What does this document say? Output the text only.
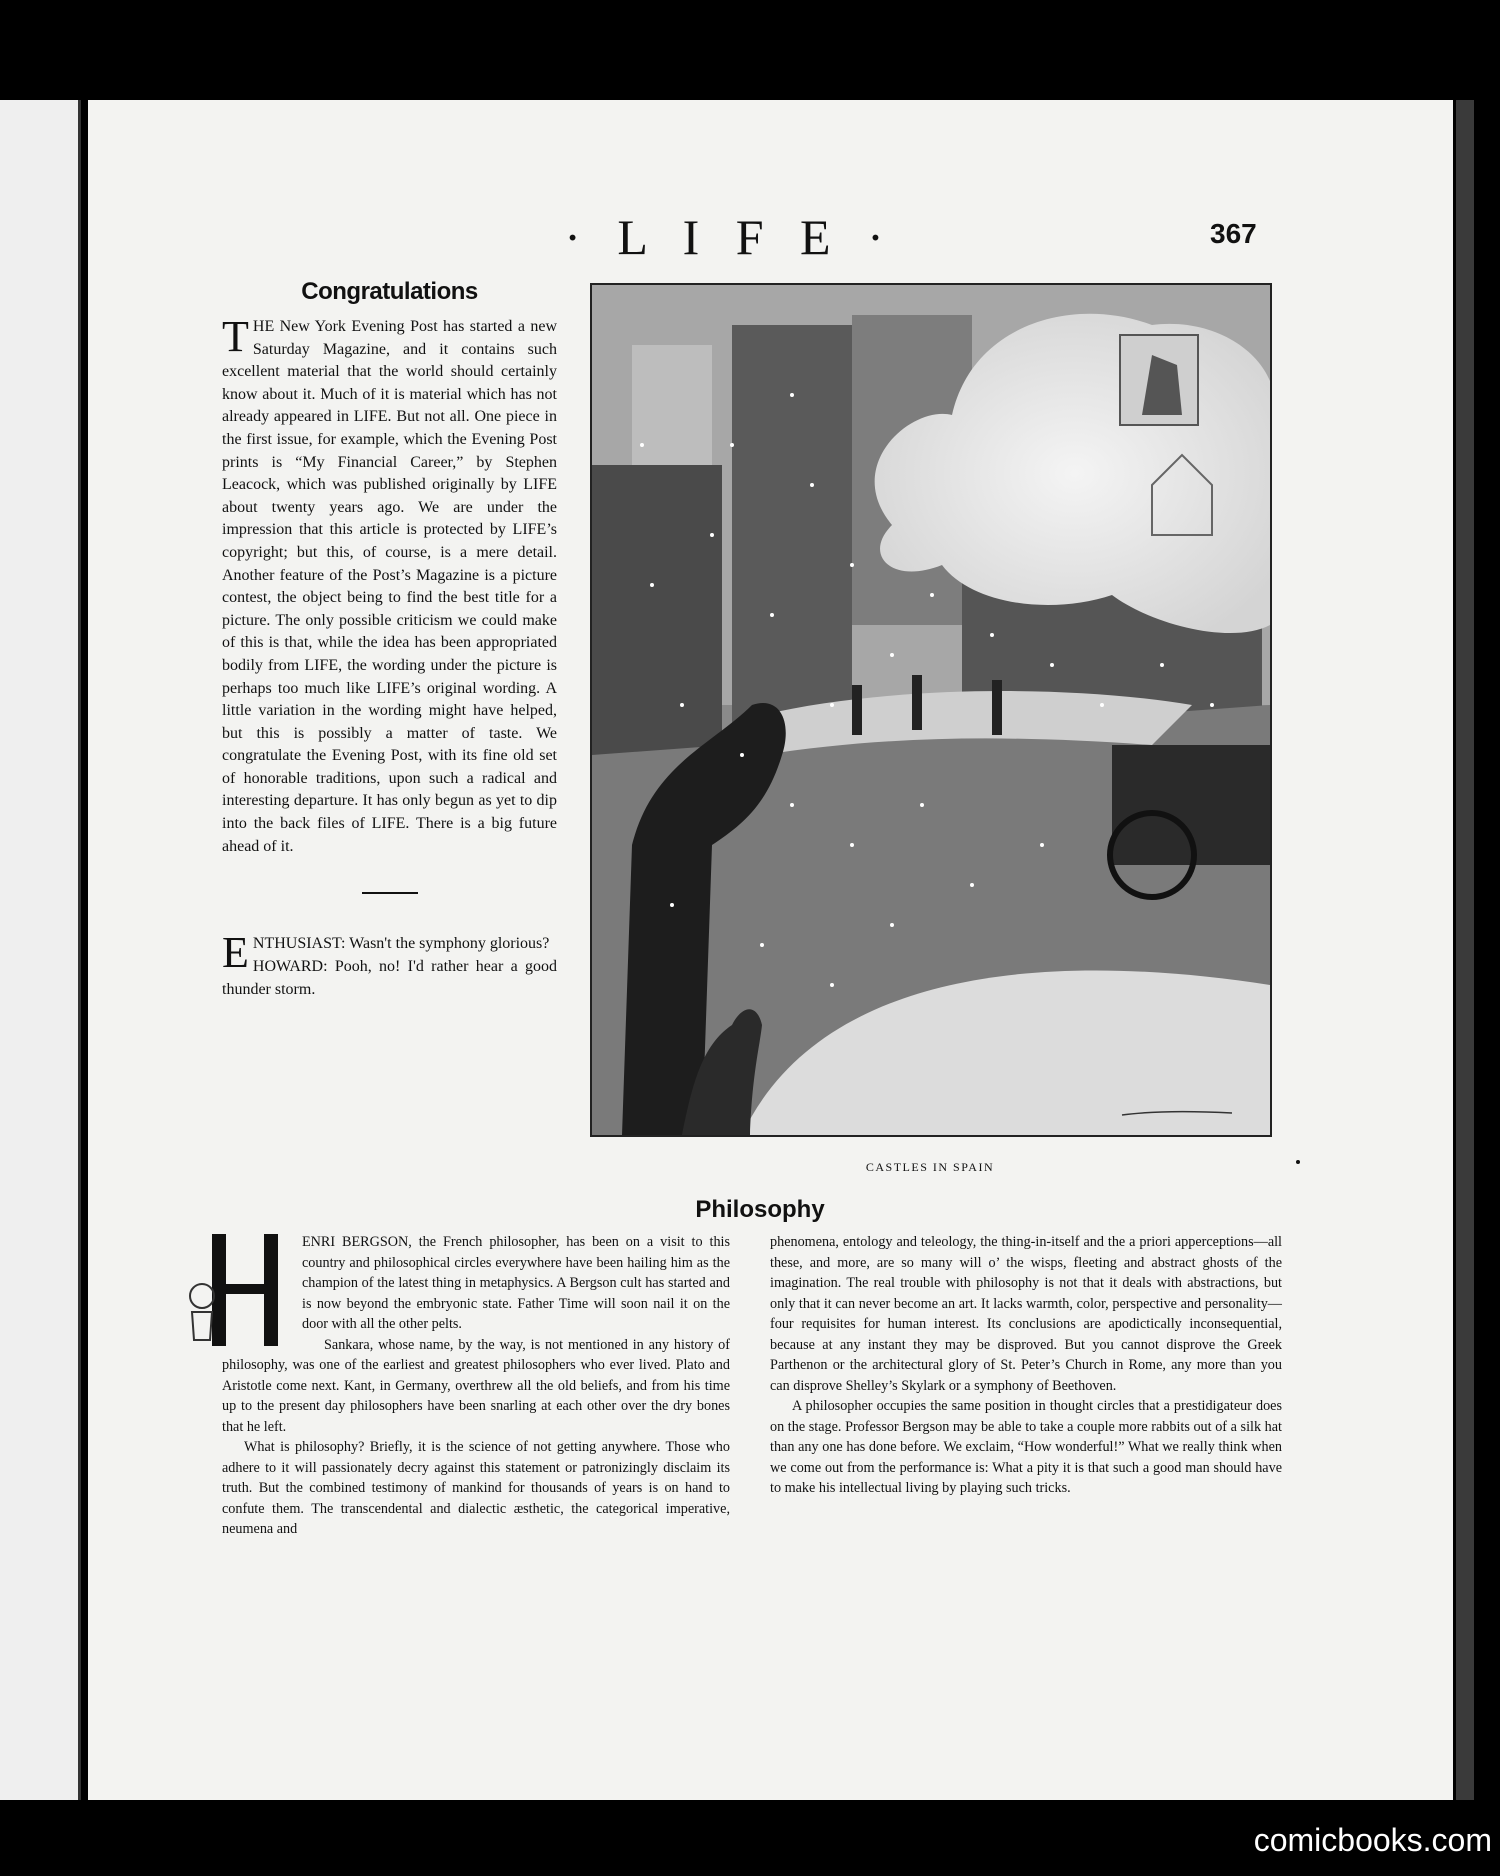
· L I F E ·	367
Congratulations

THE New York Evening Post has started a new Saturday Magazine, and it contains such excellent material that the world should certainly know about it. Much of it is material which has not already appeared in LIFE. But not all. One piece in the first issue, for example, which the Evening Post prints is “My Financial Career,” by Stephen Leacock, which was published originally by LIFE about twenty years ago. We are under the impression that this article is protected by LIFE’s copyright; but this, of course, is a mere detail. Another feature of the Post’s Magazine is a picture contest, the object being to find the best title for a picture. The only possible criticism we could make of this is that, while the idea has been appropriated bodily from LIFE, the wording under the picture is perhaps too much like LIFE’s original wording. A little variation in the wording might have helped, but this is possibly a matter of taste. We congratulate the Evening Post, with its fine old set of honorable traditions, upon such a radical and interesting departure. It has only begun as yet to dip into the back files of LIFE. There is a big future ahead of it.

ENTHUSIAST: Wasn't the symphony glorious?
HOWARD: Pooh, no! I'd rather hear a good thunder storm.

CASTLES IN SPAIN
Philosophy

ENRI BERGSON, the French philosopher, has been on a visit to this country and philosophical circles everywhere have been hailing him as the champion of the latest thing in metaphysics. A Bergson cult has started and is now beyond the embryonic state. Father Time will soon nail it on the door with all the other pelts.

Sankara, whose name, by the way, is not mentioned in any history of philosophy, was one of the earliest and greatest philosophers who ever lived. Plato and Aristotle come next. Kant, in Germany, overthrew all the old beliefs, and from his time up to the present day philosophers have been snarling at each other over the dry bones that he left.

What is philosophy? Briefly, it is the science of not getting anywhere. Those who adhere to it will passionately decry against this statement or patronizingly disclaim its truth. But the combined testimony of mankind for thousands of years is on hand to confute them. The transcendental and dialectic æsthetic, the categorical imperative, neumena and

phenomena, entology and teleology, the thing-in-itself and the a priori apperceptions—all these, and more, are so many will o’ the wisps, fleeting and abstract ghosts of the imagination. The real trouble with philosophy is not that it deals with abstractions, but only that it can never become an art. It lacks warmth, color, perspective and personality—four requisites for human interest. Its conclusions are apodictically inconsequential, because at any instant they may be disproved. But you cannot disprove the Greek Parthenon or the architectural glory of St. Peter’s Church in Rome, any more than you can disprove Shelley’s Skylark or a symphony of Beethoven.

A philosopher occupies the same position in thought circles that a prestidigateur does on the stage. Professor Bergson may be able to take a couple more rabbits out of a silk hat than any one has done before. We exclaim, “How wonderful!” What we really think when we come out from the performance is: What a pity it is that such a good man should have to make his intellectual living by playing such tricks.

comicbooks.com
